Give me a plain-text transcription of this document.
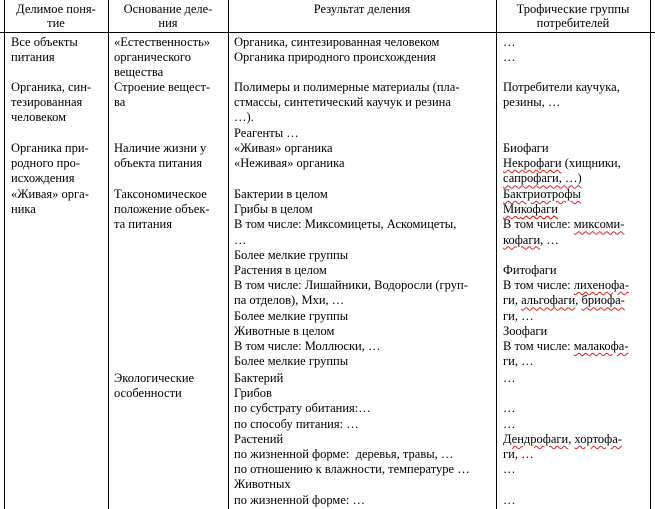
Делимое поня-
тие
Основание деле-
ния
Результат деления	Трофические группы
потребителей
Все объекты
питания
Органика, син-
тезированная
человеком
Органика при-
родного про-
исхождения
«Живая» орга-
ника
«Естественность»
органического
вещества
Строение вещест-
ва
Наличие жизни у
объекта питания
Таксономическое
положение объек-
та питания
Экологические
особенности
Органика, синтезированная человеком
Органика природного происхождения
Полимеры и полимерные материалы (пла-
стмассы, синтетический каучук и резина
…).
Реагенты …
«Живая» органика
«Неживая» органика
Бактерии в целом
Грибы в целом
В том числе: Миксомицеты, Аскомицеты,
…
Более мелкие группы
Растения в целом
В том числе: Лишайники, Водоросли (груп-
па отделов), Мхи, …
Более мелкие группы
Животные в целом
В том числе: Моллюски, …
Более мелкие группы
Бактерий
Грибов
по субстрату обитания:…
по способу питания: …
Растений
по жизненной форме:  деревья, травы, …
по отношению к влажности, температуре …
Животных
по жизненной форме: …
…
…
Потребители каучука,
резины, …
Биофаги
Некрофаги (хищники,
сапрофаги, …)
Бактриотрофы
Микофаги
В том числе: миксоми-
кофаги, …
Фитофаги
В том числе: лихенофа-
ги, альгофаги, бриофа-
ги, …
Зоофаги
В том числе: малакофа-
ги, …
…
…
…
Дендрофаги, хортофа-
ги, …
…
…
